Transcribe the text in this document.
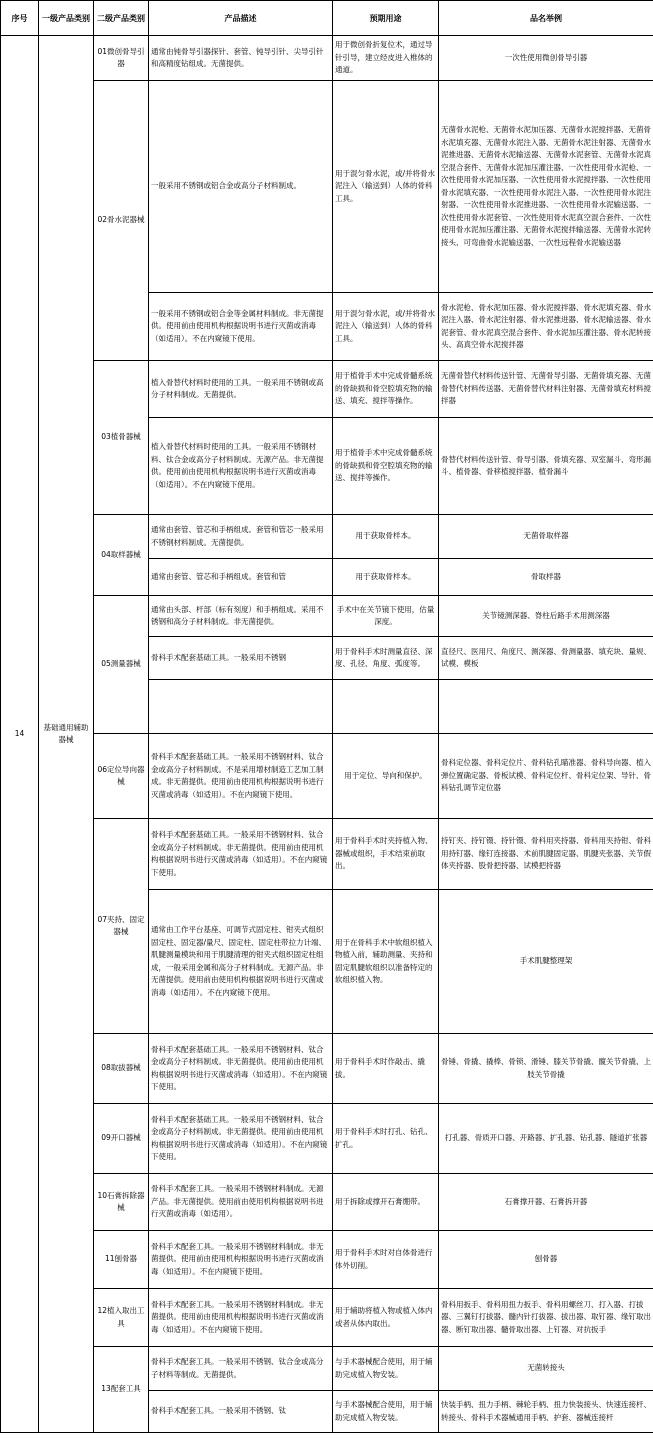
序号	一级产品类别	二级产品类别	产品描述	预期用途	品名举例
14	基础通用辅助器械	01微创骨导引器	通常由钝骨导引器探针、套管、钝导引针、尖导引针和高精度钻组成。无菌提供。	用于微创骨折复位术，通过导针引导，建立经皮进入椎体的通道。	一次性使用微创骨导引器
		02骨水泥器械	一般采用不锈钢或铝合金或高分子材料制成。	用于混匀骨水泥，或/并将骨水泥注入（输送到）人体的骨科工具。	无菌骨水泥枪、无菌骨水泥加压器、无菌骨水泥搅拌器、无菌骨水泥填充器、无菌骨水泥注入器、无菌骨水泥注射器、无菌骨水泥推进器、无菌骨水泥输送器、无菌骨水泥套管、无菌骨水泥真空混合套件、无菌骨水泥加压灌注器、一次性使用骨水泥枪、一次性使用骨水泥加压器、一次性使用骨水泥搅拌器、一次性使用骨水泥填充器、一次性使用骨水泥注入器、一次性使用骨水泥注射器、一次性使用骨水泥推进器、一次性使用骨水泥输送器、一次性使用骨水泥套管、一次性使用骨水泥真空混合套件、一次性使用骨水泥加压灌注器、无菌骨水泥搅拌输送器、无菌骨水泥转接头、可弯曲骨水泥输送器、一次性远程骨水泥输送器
			一般采用不锈钢或铝合金等金属材料制成。非无菌提供。使用前由使用机构根据说明书进行灭菌或消毒（如适用）。不在内窥镜下使用。	用于混匀骨水泥，或/并将骨水泥注入（输送到）人体的骨科工具。	骨水泥枪、骨水泥加压器、骨水泥搅拌器、骨水泥填充器、骨水泥注入器、骨水泥注射器、骨水泥推进器、骨水泥输送器、骨水泥套管、骨水泥真空混合套件、骨水泥加压灌注器、骨水泥转接头、高真空骨水泥搅拌器
		03植骨器械	植入骨替代材料时使用的工具。一般采用不锈钢或高分子材料制成。无菌提供。	用于植骨手术中完成骨髓系统的骨缺损和骨空腔填充物的输送、填充、搅拌等操作。	无菌骨替代材料传送针管、无菌骨导引器、无菌骨填充器、无菌骨替代材料传送器、无菌骨替代材料注射器、无菌骨填充材料搅拌器
			植入骨替代材料时使用的工具。一般采用不锈钢材料、钛合金或高分子材料制成。无源产品。非无菌提供。使用前由使用机构根据说明书进行灭菌或消毒（如适用）。不在内窥镜下使用。	用于植骨手术中完成骨髓系统的骨缺损和骨空腔填充物的输送、搅拌等操作。	骨替代材料传送针管、骨导引器、骨填充器、双室漏斗、弯形漏斗、植骨器、骨移植搅拌器、植骨漏斗
		04取样器械	通常由套管、管芯和手柄组成。套管和管芯一般采用不锈钢材料制成。无菌提供。	用于获取骨样本。	无菌骨取样器
			通常由套管、管芯和手柄组成。套管和管	用于获取骨样本。	骨取样器
		05测量器械	通常由头部、杆部（标有刻度）和手柄组成。采用不锈钢和高分子材料制成。非无菌提供。	手术中在关节镜下使用，估量深度。	关节镜测深器、脊柱后路手术用测深器
			骨科手术配套基础工具。一般采用不锈钢	用于骨科手术时测量直径、深度、孔径、角度、弧度等。	直径尺、医用尺、角度尺、测深器、骨测量器、填充块、量规、试模、模板

		06定位导向器械	骨科手术配套基础工具。一般采用不锈钢材料、钛合金或高分子材料制成。不是采用增材制造工艺加工制成。非无菌提供。使用前由使用机构根据说明书进行灭菌或消毒（如适用）。不在内窥镜下使用。	用于定位、导向和保护。	骨科定位器、骨科定位片、骨科钻孔瞄准器、骨科导向器、植入弹位置确定器、骨板试模、骨科定位杆、骨科定位架、导针、骨科钻孔调节定位器
		07夹持、固定器械	骨科手术配套基础工具。一般采用不锈钢材料、钛合金或高分子材料制成。非无菌提供。使用前由使用机构根据说明书进行灭菌或消毒（如适用）。不在内窥镜下使用。	用于骨科手术时夹持植入物、器械或组织，手术结束前取出。	持钉夹、持钉镊、持针镊、骨科用夹持器、骨科用夹持钳、骨科用持钉器、缘钉连接器、术前肌腱固定器、肌腱夹张器、关节假体夹持器、股骨把持器、试模把持器
			通常由工作平台基座、可调节式固定柱、钳夹式组织固定柱、固定器/量尺、固定柱、固定柱带拉力计端、肌腱测量模块和用于肌腱清理的钳夹式组织固定柱组成，一般采用金属和高分子材料制成。无源产品。非无菌提供。使用前由使用机构根据说明书进行灭菌或消毒（如适用）。不在内窥镜下使用。	用于在骨科手术中软组织植入物植入前，辅助测量、夹持和固定肌腱软组织以准备特定的软组织植入物。	手术肌腱整理架
		08取拔器械	骨科手术配套基础工具。一般采用不锈钢材料、钛合金或高分子材料制成。非无菌提供。使用前由使用机构根据说明书进行灭菌或消毒（如适用）。不在内窥镜下使用。	用于骨科手术时作敲击、撬拔。	骨锤、骨撬、撬棒、骨锁、滑锤、膝关节骨撬、髋关节骨撬、上肢关节骨撬
		09开口器械	骨科手术配套基础工具。一般采用不锈钢材料、钛合金或高分子材料制成。非无菌提供。使用前由使用机构根据说明书进行灭菌或消毒（如适用）。不在内窥镜下使用。	用于骨科手术时打孔、钻孔、扩孔。	打孔器、骨质开口器、开路器、扩孔器、钻孔器、隧道扩张器
		10石膏拆除器械	骨科手术配套工具。一般采用不锈钢材料制成。无源产品。非无菌提供。使用前由使用机构根据说明书进行灭菌或消毒（如适用）。	用于拆除或撑开石膏绷带。	石膏撑开器、石膏拆开器
		11刨骨器	骨科手术配套工具。一般采用不锈钢材料制成。非无菌提供。使用前由使用机构根据说明书进行灭菌或消毒（如适用）。不在内窥镜下使用。	用于骨科手术时对自体骨进行体外切削。	刨骨器
		12植入取出工具	骨科手术配套工具。一般采用不锈钢材料制成。非无菌提供。使用前由使用机构根据说明书进行灭菌或消毒（如适用）。不在内窥镜下使用。	用于辅助将植入物或植入体内或者从体内取出。	骨科用扳手、骨科用扭力扳手、骨科用螺丝刀、打入器、打拔器、三翼钉打拔器、髓内针打拔器、拔出器、取钉器、缘钉取出器、断钉取出器、髓骨取出器、上钉器、对抗扳手
		13配套工具	骨科手术配套工具。一般采用不锈钢、钛合金或高分子材料等制成。无菌提供。	与手术器械配合使用，用于辅助完成植入物安装。	无菌转接头
			骨科手术配套工具。一般采用不锈钢、钛	与手术器械配合使用，用于辅助完成植入物安装。	快装手柄、扭力手柄、棘轮手柄、扭力快装接头、快速连接杆、转接头、骨科手术器械通用手柄、护套、器械连接杆
